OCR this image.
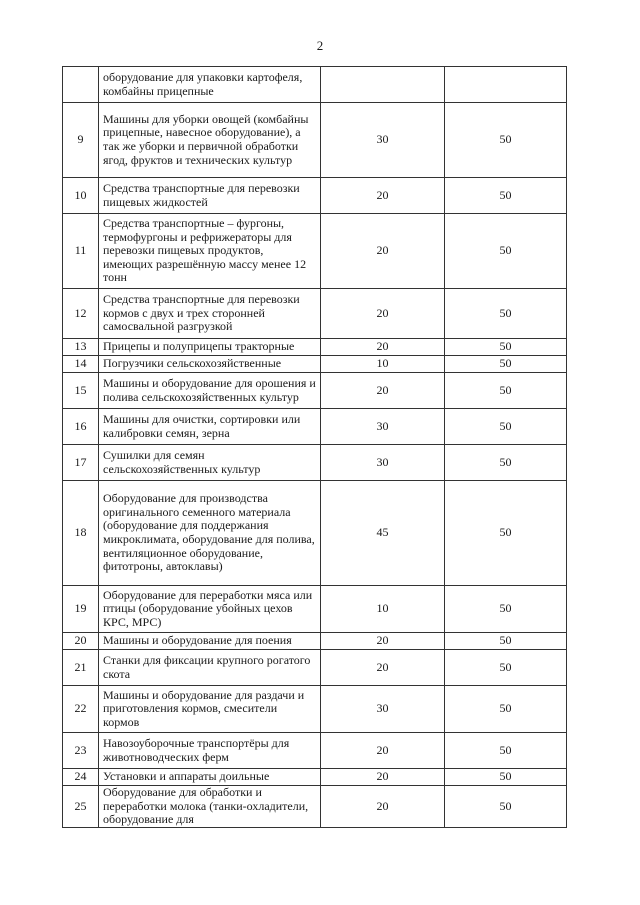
2
	оборудование для упаковки картофеля, комбайны прицепные		
9	Машины для уборки овощей (комбайны прицепные, навесное оборудование), а так же уборки и первичной обработки ягод, фруктов и технических культур	30	50
10	Средства транспортные для перевозки пищевых жидкостей	20	50
11	Средства транспортные – фургоны, термофургоны и рефрижераторы для перевозки пищевых продуктов, имеющих разрешённую массу менее 12 тонн	20	50
12	Средства транспортные для перевозки кормов с двух и трех сторонней самосвальной разгрузкой	20	50
13	Прицепы и полуприцепы тракторные	20	50
14	Погрузчики сельскохозяйственные	10	50
15	Машины и оборудование для орошения и полива сельскохозяйственных культур	20	50
16	Машины для очистки, сортировки или калибровки семян, зерна	30	50
17	Сушилки для семян сельскохозяйственных культур	30	50
18	Оборудование для производства оригинального семенного материала (оборудование для поддержания микроклимата, оборудование для полива, вентиляционное оборудование, фитотроны, автоклавы)	45	50
19	Оборудование для переработки мяса или птицы (оборудование убойных цехов КРС, МРС)	10	50
20	Машины и оборудование для поения	20	50
21	Станки для фиксации крупного рогатого скота	20	50
22	Машины и оборудование для раздачи и приготовления кормов, смесители кормов	30	50
23	Навозоуборочные транспортёры для животноводческих ферм	20	50
24	Установки и аппараты доильные	20	50
25	Оборудование для обработки и переработки молока (танки-охладители, оборудование для	20	50
